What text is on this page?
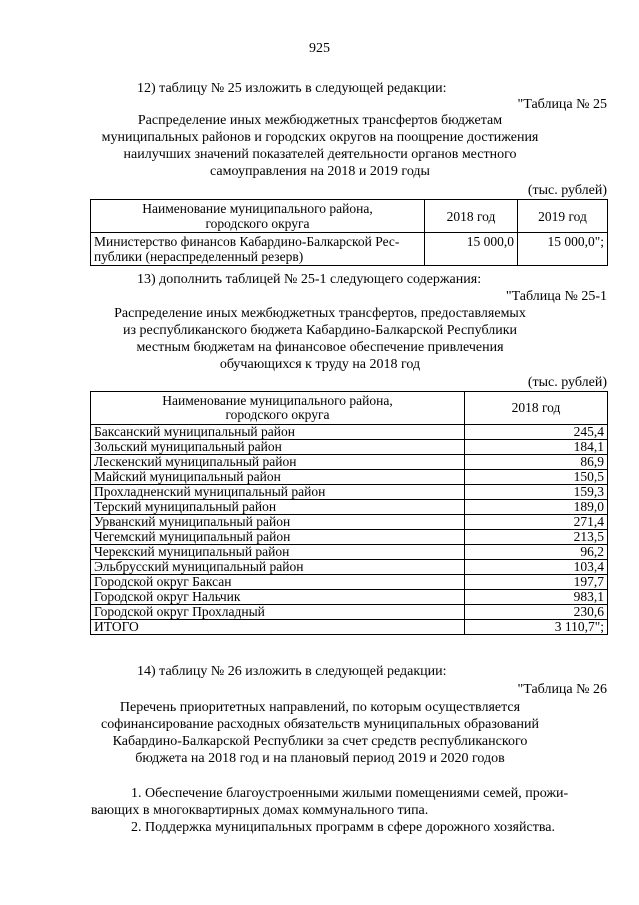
925
12) таблицу № 25 изложить в следующей редакции:
"Таблица № 25
Распределение иных межбюджетных трансфертов бюджетам
муниципальных районов и городских округов на поощрение достижения
наилучших значений показателей деятельности органов местного
самоуправления на 2018 и 2019 годы
(тыс. рублей)
Наименование муниципального района,
городского округа	2018 год	2019 год

Министерство финансов Кабардино-Балкарской Рес-
публики (нераспределенный резерв)	15 000,0	15 000,0";
13) дополнить таблицей № 25-1 следующего содержания:
"Таблица № 25-1
Распределение иных межбюджетных трансфертов, предоставляемых
из республиканского бюджета Кабардино-Балкарской Республики
местным бюджетам на финансовое обеспечение привлечения
обучающихся к труду на 2018 год
(тыс. рублей)
Наименование муниципального района,
городского округа	2018 год
Баксанский муниципальный район	245,4
Зольский муниципальный район	184,1
Лескенский муниципальный район	86,9
Майский муниципальный район	150,5
Прохладненский муниципальный район	159,3
Терский муниципальный район	189,0
Урванский муниципальный район	271,4
Чегемский муниципальный район	213,5
Черекский муниципальный район	96,2
Эльбрусский муниципальный район	103,4
Городской округ Баксан	197,7
Городской округ Нальчик	983,1
Городской округ Прохладный	230,6
ИТОГО	3 110,7";
14) таблицу № 26 изложить в следующей редакции:
"Таблица № 26
Перечень приоритетных направлений, по которым осуществляется
софинансирование расходных обязательств муниципальных образований
Кабардино-Балкарской Республики за счет средств республиканского
бюджета на 2018 год и на плановый период 2019 и 2020 годов
1. Обеспечение благоустроенными жилыми помещениями семей, прожи-
вающих в многоквартирных домах коммунального типа.
2. Поддержка муниципальных программ в сфере дорожного хозяйства.
